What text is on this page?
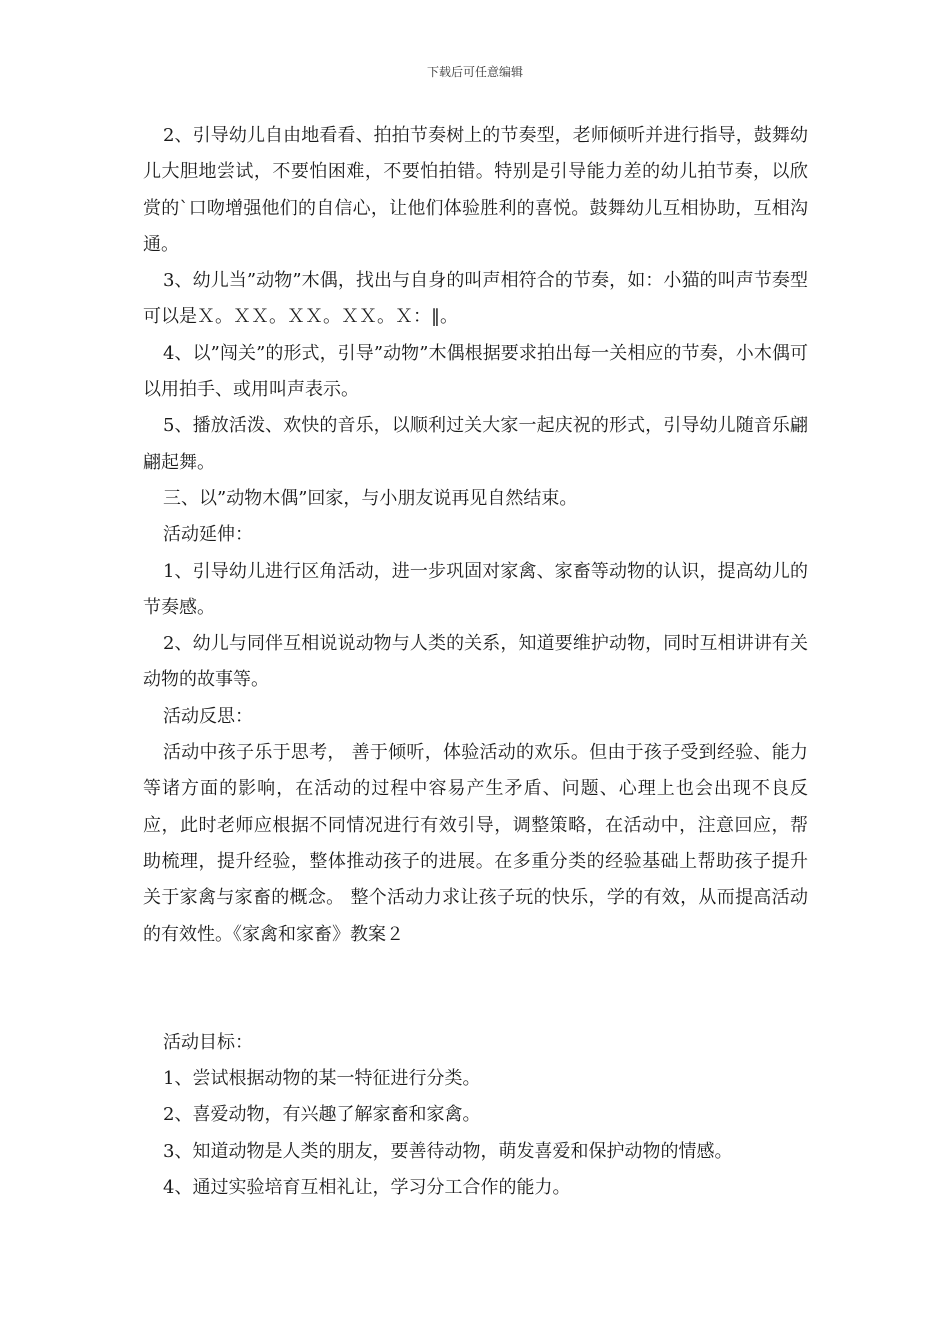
下载后可任意编辑

2、引导幼儿自由地看看、拍拍节奏树上的节奏型，老师倾听并进行指导，鼓舞幼儿大胆地尝试，不要怕困难，不要怕拍错。特别是引导能力差的幼儿拍节奏，以欣赏的`口吻增强他们的自信心，让他们体验胜利的喜悦。鼓舞幼儿互相协助，互相沟通。

3、幼儿当”动物”木偶，找出与自身的叫声相符合的节奏，如：小猫的叫声节奏型可以是Ｘ。ＸＸ。ＸＸ。ＸＸ。Ｘ：‖。

4、以”闯关”的形式，引导”动物”木偶根据要求拍出每一关相应的节奏，小木偶可以用拍手、或用叫声表示。

5、播放活泼、欢快的音乐，以顺利过关大家一起庆祝的形式，引导幼儿随音乐翩翩起舞。

三、以”动物木偶”回家，与小朋友说再见自然结束。

活动延伸：

1、引导幼儿进行区角活动，进一步巩固对家禽、家畜等动物的认识，提高幼儿的节奏感。

2、幼儿与同伴互相说说动物与人类的关系，知道要维护动物，同时互相讲讲有关动物的故事等。

活动反思：

活动中孩子乐于思考， 善于倾听，体验活动的欢乐。但由于孩子受到经验、能力等诸方面的影响，在活动的过程中容易产生矛盾、问题、心理上也会出现不良反应，此时老师应根据不同情况进行有效引导，调整策略，在活动中，注意回应，帮助梳理，提升经验，整体推动孩子的进展。在多重分类的经验基础上帮助孩子提升关于家禽与家畜的概念。 整个活动力求让孩子玩的快乐，学的有效，从而提高活动的有效性。《家禽和家畜》教案２

活动目标：

1、尝试根据动物的某一特征进行分类。

2、喜爱动物，有兴趣了解家畜和家禽。

3、知道动物是人类的朋友，要善待动物，萌发喜爱和保护动物的情感。

4、通过实验培育互相礼让，学习分工合作的能力。
